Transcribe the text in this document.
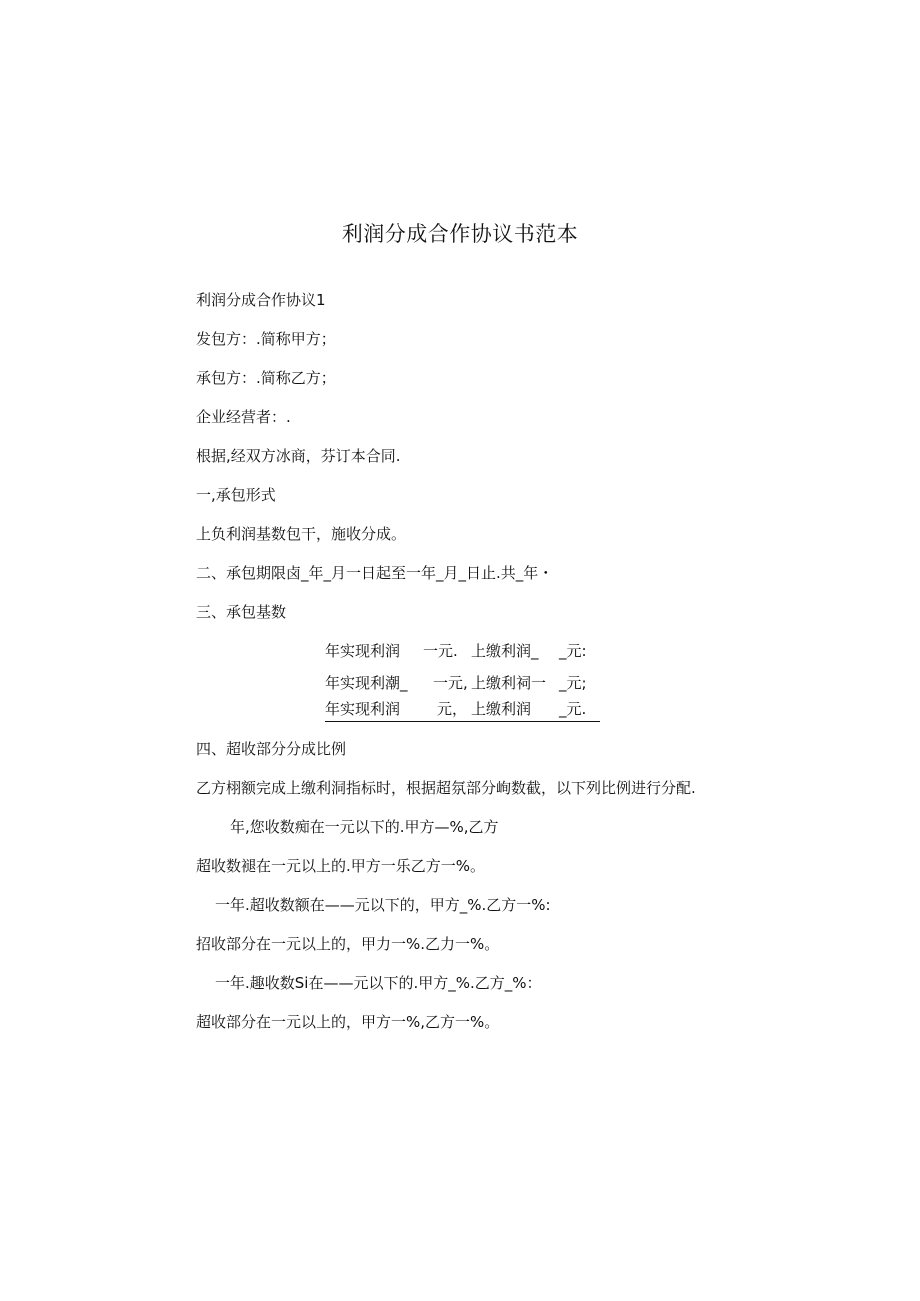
利润分成合作协议书范本
利润分成合作协议1
发包方：.简称甲方；
承包方：.简称乙方；
企业经营者：.
根据,经双方冰商，芬订本合同.
一,承包形式
上负利润基数包干，施收分成。
二、承包期限卤_年_月一日起至一年_月_日止.共_年・
三、承包基数
年实现利润 一元. 上缴利润_ _元:
年实现利潮_ 一元, 上缴利祠一 _元;
年实现利润 元， 上缴利润 _元.
四、超收部分分成比例
乙方栩额完成上缴利洞指标时，根据超氛部分峋数截，以下列比例进行分配.
年,您收数痴在一元以下的.甲方—%,乙方
超收数褪在一元以上的.甲方一乐乙方一%。
一年.超收数额在——元以下的，甲方_%.乙方一%:
招收部分在一元以上的，甲力一%.乙力一%。
一年.趣收数Si在——元以下的.甲方_%.乙方_%：
超收部分在一元以上的，甲方一%,乙方一%。
